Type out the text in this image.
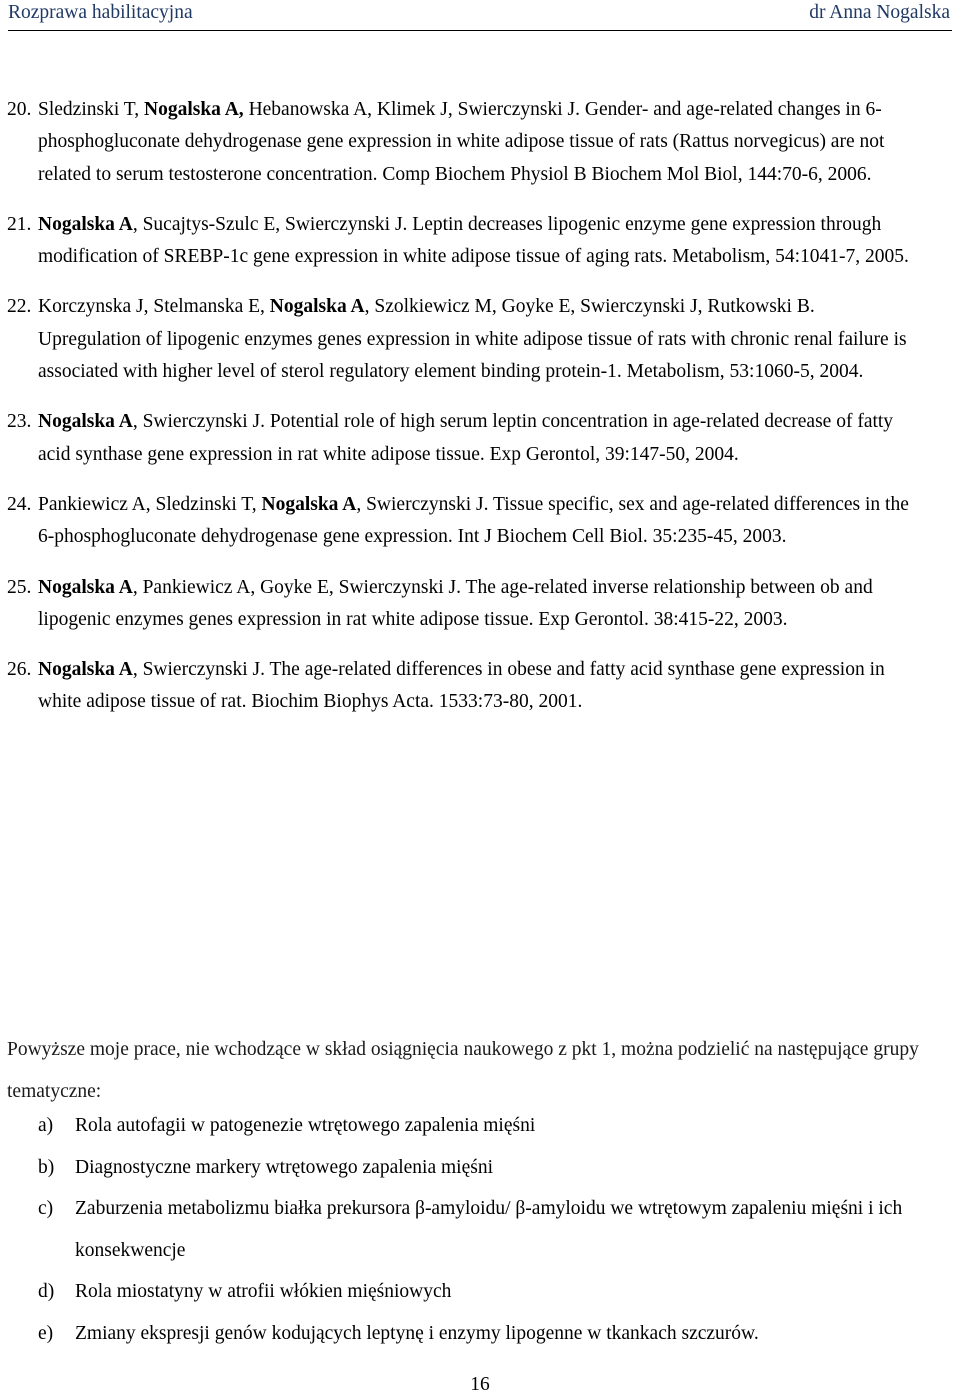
Rozprawa habilitacyjna	dr Anna Nogalska
20. Sledzinski T, Nogalska A, Hebanowska A, Klimek J, Swierczynski J. Gender- and age-related changes in 6-phosphogluconate dehydrogenase gene expression in white adipose tissue of rats (Rattus norvegicus) are not related to serum testosterone concentration. Comp Biochem Physiol B Biochem Mol Biol, 144:70-6, 2006.
21. Nogalska A, Sucajtys-Szulc E, Swierczynski J. Leptin decreases lipogenic enzyme gene expression through modification of SREBP-1c gene expression in white adipose tissue of aging rats. Metabolism, 54:1041-7, 2005.
22. Korczynska J, Stelmanska E, Nogalska A, Szolkiewicz M, Goyke E, Swierczynski J, Rutkowski B. Upregulation of lipogenic enzymes genes expression in white adipose tissue of rats with chronic renal failure is associated with higher level of sterol regulatory element binding protein-1. Metabolism, 53:1060-5, 2004.
23. Nogalska A, Swierczynski J. Potential role of high serum leptin concentration in age-related decrease of fatty acid synthase gene expression in rat white adipose tissue. Exp Gerontol, 39:147-50, 2004.
24. Pankiewicz A, Sledzinski T, Nogalska A, Swierczynski J. Tissue specific, sex and age-related differences in the 6-phosphogluconate dehydrogenase gene expression. Int J Biochem Cell Biol. 35:235-45, 2003.
25. Nogalska A, Pankiewicz A, Goyke E, Swierczynski J. The age-related inverse relationship between ob and lipogenic enzymes genes expression in rat white adipose tissue. Exp Gerontol. 38:415-22, 2003.
26. Nogalska A, Swierczynski J. The age-related differences in obese and fatty acid synthase gene expression in white adipose tissue of rat. Biochim Biophys Acta. 1533:73-80, 2001.
Powyższe moje prace, nie wchodzące w skład osiągnięcia naukowego z pkt 1, można podzielić na następujące grupy tematyczne:
a) Rola autofagii w patogenezie wtrętowego zapalenia mięśni
b) Diagnostyczne markery wtrętowego zapalenia mięśni
c) Zaburzenia metabolizmu białka prekursora β-amyloidu/ β-amyloidu we wtrętowym zapaleniu mięśni i ich konsekwencje
d) Rola miostatyny w atrofii włókien mięśniowych
e) Zmiany ekspresji genów kodujących leptynę i enzymy lipogenne w tkankach szczurów.
16
